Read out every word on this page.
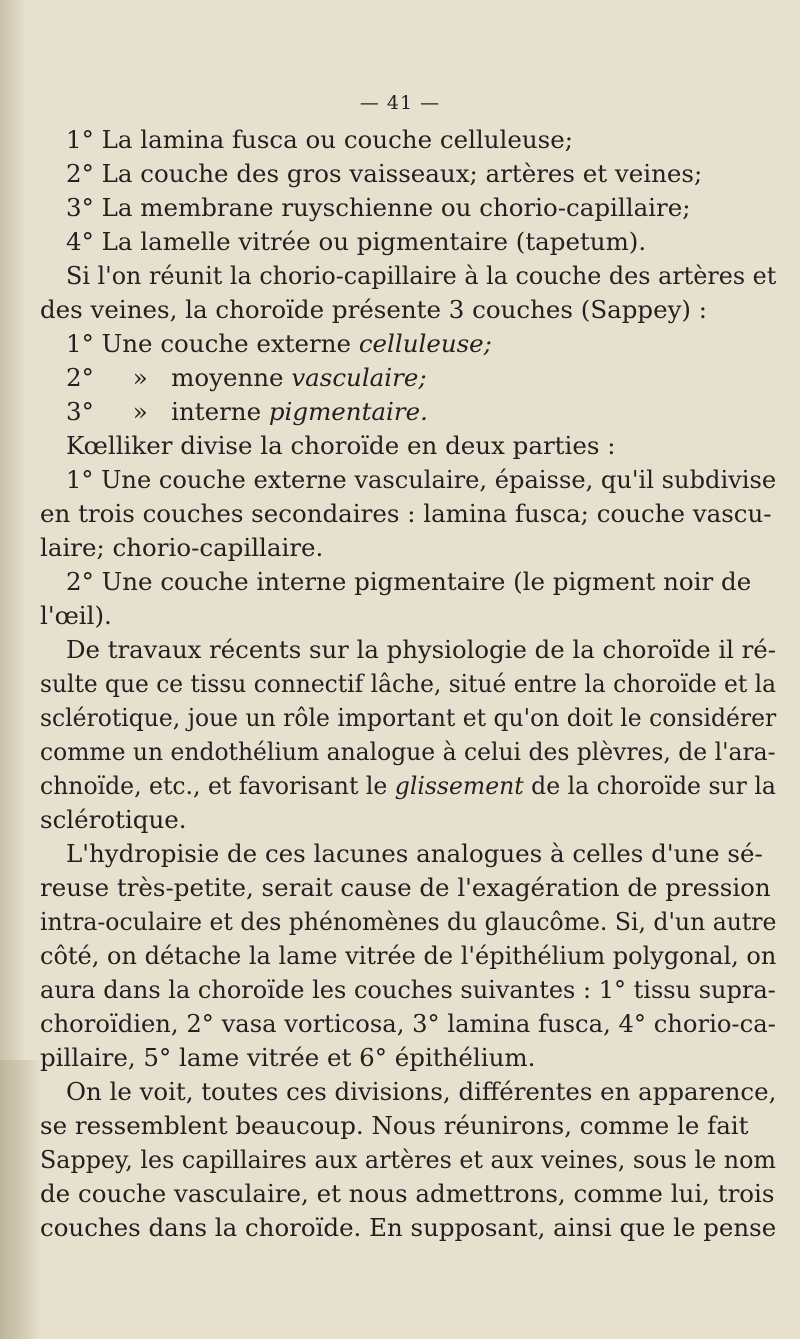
— 41 —
1° La lamina fusca ou couche celluleuse;
2° La couche des gros vaisseaux; artères et veines;
3° La membrane ruyschienne ou chorio-capillaire;
4° La lamelle vitrée ou pigmentaire (tapetum).
Si l'on réunit la chorio-capillaire à la couche des artères et
des veines, la choroïde présente 3 couches (Sappey) :
1° Une couche externe celluleuse;
2°     »   moyenne vasculaire;
3°     »   interne pigmentaire.
Kœlliker divise la choroïde en deux parties :
1° Une couche externe vasculaire, épaisse, qu'il subdivise
en trois couches secondaires : lamina fusca; couche vascu-
laire; chorio-capillaire.
2° Une couche interne pigmentaire (le pigment noir de
l'œil).
De travaux récents sur la physiologie de la choroïde il ré-
sulte que ce tissu connectif lâche, situé entre la choroïde et la
sclérotique, joue un rôle important et qu'on doit le considérer
comme un endothélium analogue à celui des plèvres, de l'ara-
chnoïde, etc., et favorisant le glissement de la choroïde sur la
sclérotique.
L'hydropisie de ces lacunes analogues à celles d'une sé-
reuse très-petite, serait cause de l'exagération de pression
intra-oculaire et des phénomènes du glaucôme. Si, d'un autre
côté, on détache la lame vitrée de l'épithélium polygonal, on
aura dans la choroïde les couches suivantes : 1° tissu supra-
choroïdien, 2° vasa vorticosa, 3° lamina fusca, 4° chorio-ca-
pillaire, 5° lame vitrée et 6° épithélium.
On le voit, toutes ces divisions, différentes en apparence,
se ressemblent beaucoup. Nous réunirons, comme le fait
Sappey, les capillaires aux artères et aux veines, sous le nom
de couche vasculaire, et nous admettrons, comme lui, trois
couches dans la choroïde. En supposant, ainsi que le pense
